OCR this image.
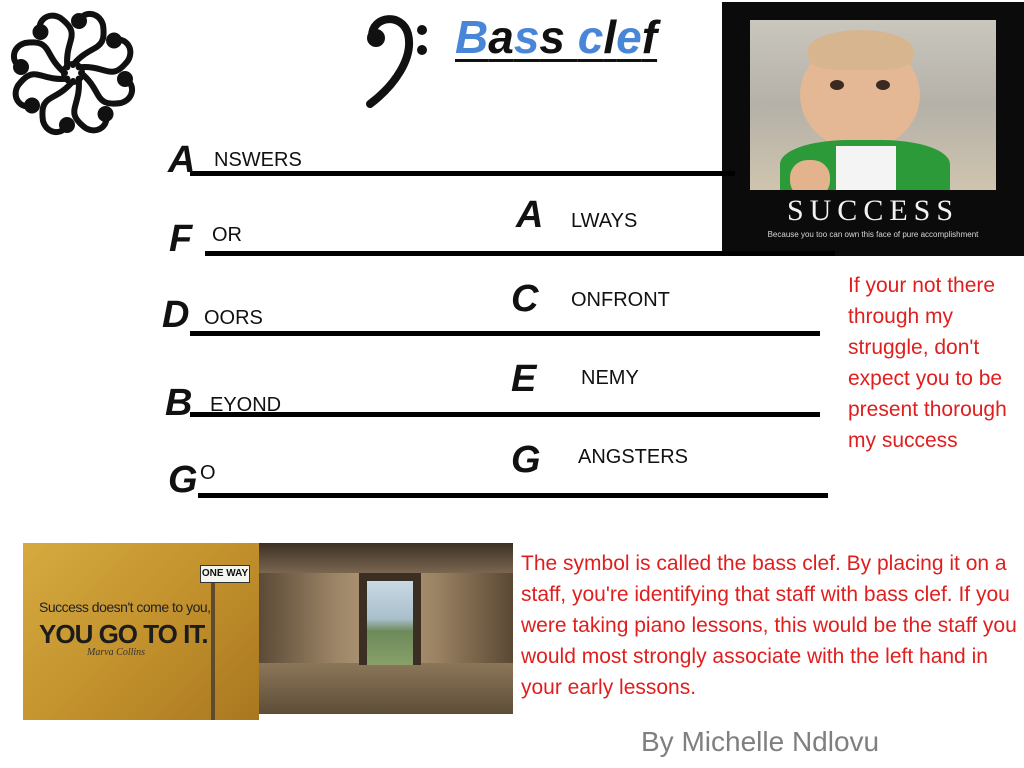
Bass clef
SUCCESS
Because you too can own this face of pure accomplishment
A NSWERS
F OR
D OORS
B EYOND
G O
A LWAYS
C ONFRONT
E NEMY
G ANGSTERS
If your not there through my struggle, don't expect you to be present thorough my success
ONE WAY
Success doesn't come to you,
YOU GO TO IT.
Marva Collins
The symbol is called the bass clef. By placing it on a staff, you're identifying that staff with bass clef. If you were taking piano lessons, this would be the staff you would most strongly associate with the left hand in your early lessons.
By Michelle Ndlovu
